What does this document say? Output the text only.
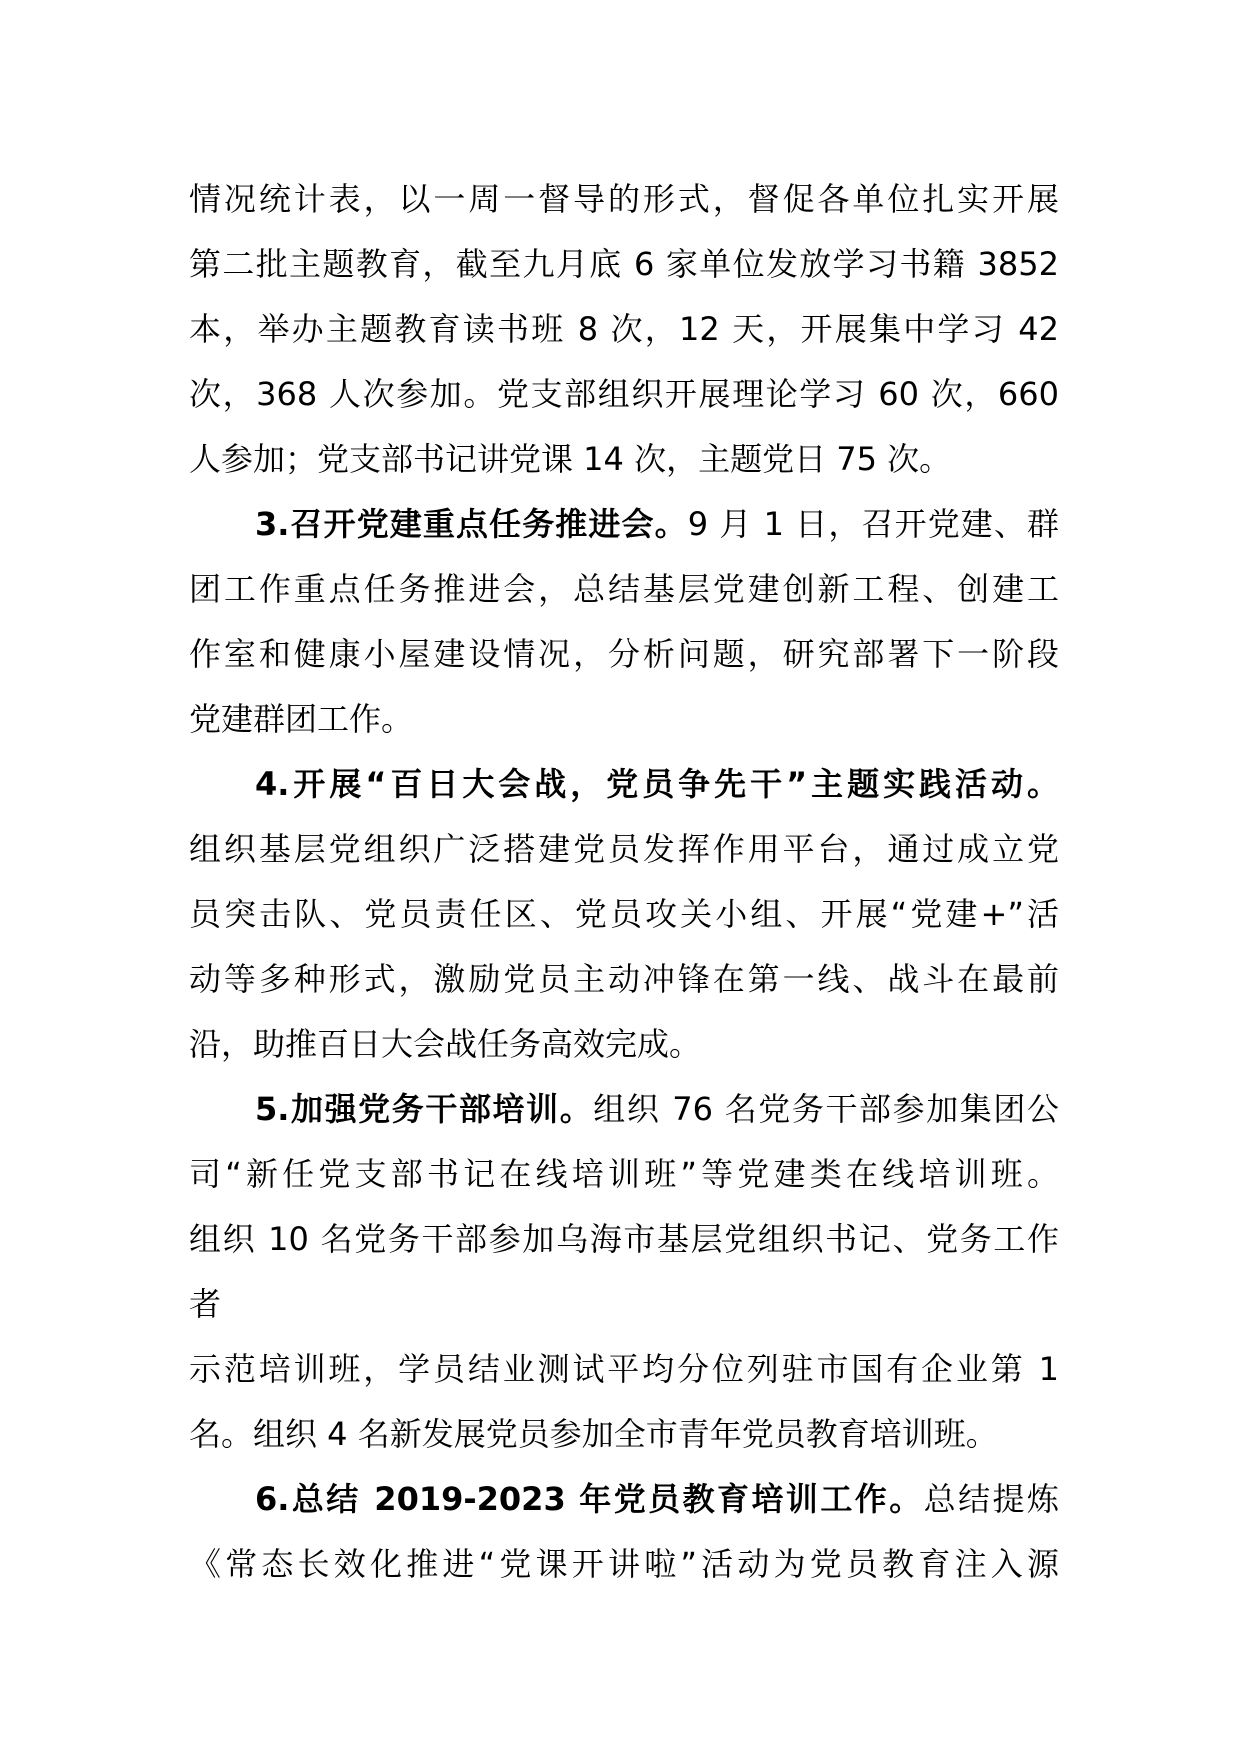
情况统计表，以一周一督导的形式，督促各单位扎实开展
第二批主题教育，截至九月底 6 家单位发放学习书籍 3852
本，举办主题教育读书班 8 次，12 天，开展集中学习 42
次，368 人次参加。党支部组织开展理论学习 60 次，660
人参加；党支部书记讲党课 14 次，主题党日 75 次。
3.召开党建重点任务推进会。9 月 1 日，召开党建、群
团工作重点任务推进会，总结基层党建创新工程、创建工
作室和健康小屋建设情况，分析问题，研究部署下一阶段
党建群团工作。
4.开展“百日大会战，党员争先干”主题实践活动。
组织基层党组织广泛搭建党员发挥作用平台，通过成立党
员突击队、党员责任区、党员攻关小组、开展“党建+”活
动等多种形式，激励党员主动冲锋在第一线、战斗在最前
沿，助推百日大会战任务高效完成。
5.加强党务干部培训。组织 76 名党务干部参加集团公
司“新任党支部书记在线培训班”等党建类在线培训班。
组织 10 名党务干部参加乌海市基层党组织书记、党务工作
者
示范培训班，学员结业测试平均分位列驻市国有企业第 1
名。组织 4 名新发展党员参加全市青年党员教育培训班。
6.总结 2019-2023 年党员教育培训工作。总结提炼
《常态长效化推进“党课开讲啦”活动为党员教育注入源
